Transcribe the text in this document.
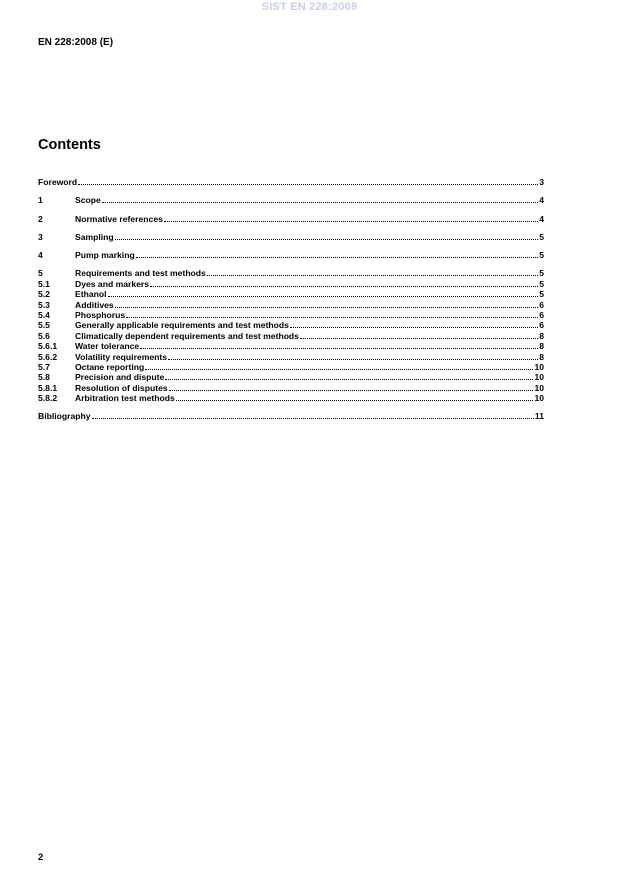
SIST EN 228:2008
EN 228:2008 (E)
Contents
Foreword	3
1	Scope	4
2	Normative references	4
3	Sampling	5
4	Pump marking	5
5	Requirements and test methods	5
5.1	Dyes and markers	5
5.2	Ethanol	5
5.3	Additives	6
5.4	Phosphorus	6
5.5	Generally applicable requirements and test methods	6
5.6	Climatically dependent requirements and test methods	8
5.6.1	Water tolerance	8
5.6.2	Volatility requirements	8
5.7	Octane reporting	10
5.8	Precision and dispute	10
5.8.1	Resolution of disputes	10
5.8.2	Arbitration test methods	10
Bibliography	11
2
